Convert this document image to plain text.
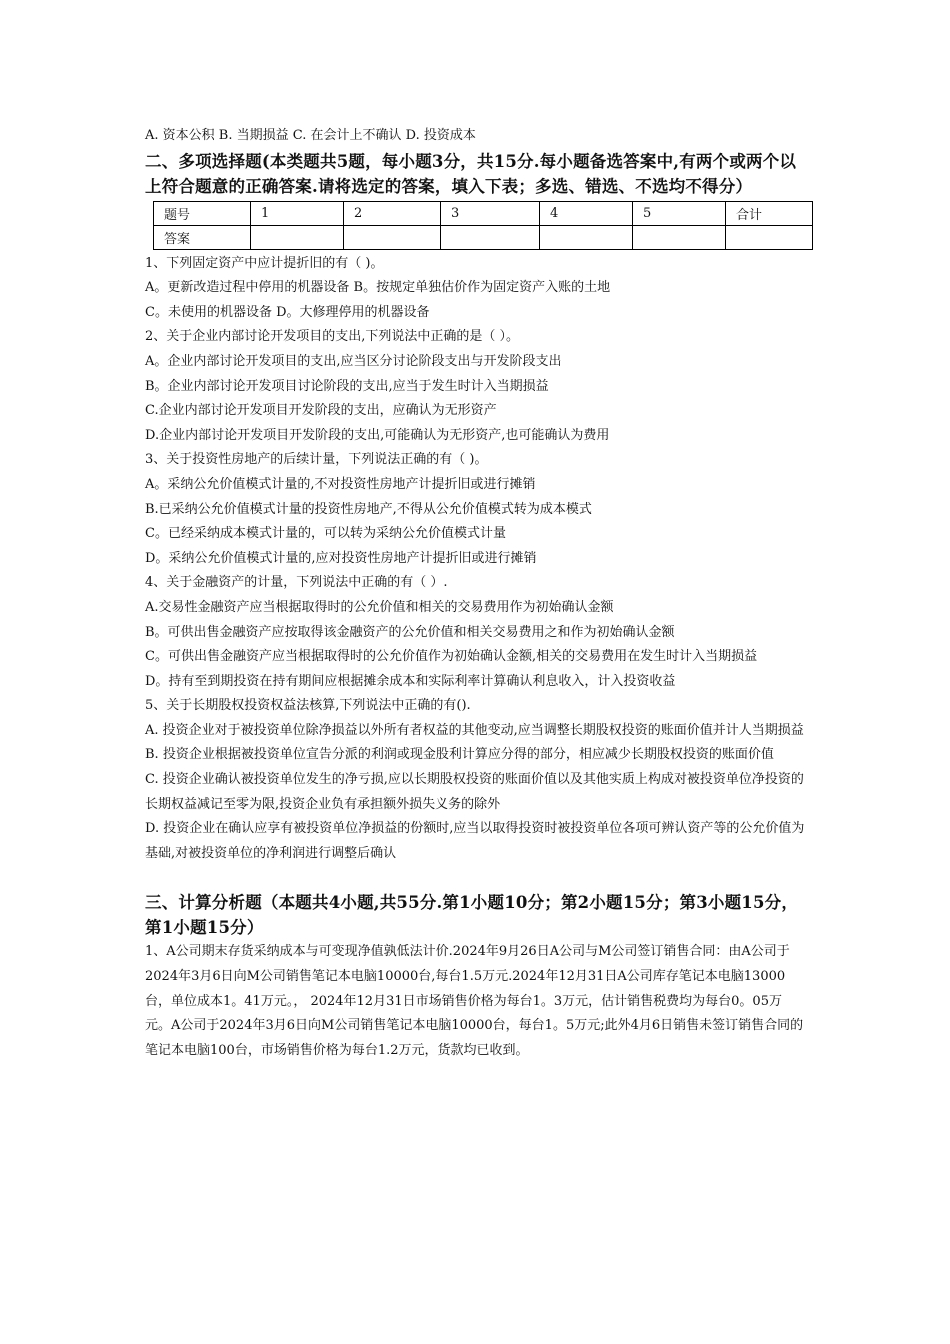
A. 资本公积 B. 当期损益 C. 在会计上不确认 D. 投资成本
二、多项选择题(本类题共5题，每小题3分，共15分.每小题备选答案中,有两个或两个以上符合题意的正确答案.请将选定的答案，填入下表；多选、错选、不选均不得分）
题号	1	2	3	4	5	合计
答案						
1、下列固定资产中应计提折旧的有（ )。
A。更新改造过程中停用的机器设备 B。按规定单独估价作为固定资产入账的土地
C。未使用的机器设备 D。大修理停用的机器设备
2、关于企业内部讨论开发项目的支出,下列说法中正确的是（ ）。
A。企业内部讨论开发项目的支出,应当区分讨论阶段支出与开发阶段支出
B。企业内部讨论开发项目讨论阶段的支出,应当于发生时计入当期损益
C.企业内部讨论开发项目开发阶段的支出，应确认为无形资产
D.企业内部讨论开发项目开发阶段的支出,可能确认为无形资产,也可能确认为费用
3、关于投资性房地产的后续计量，下列说法正确的有（ )。
A。采纳公允价值模式计量的,不对投资性房地产计提折旧或进行摊销
B.已采纳公允价值模式计量的投资性房地产,不得从公允价值模式转为成本模式
C。已经采纳成本模式计量的，可以转为采纳公允价值模式计量
D。采纳公允价值模式计量的,应对投资性房地产计提折旧或进行摊销
4、关于金融资产的计量，下列说法中正确的有（ ）.
A.交易性金融资产应当根据取得时的公允价值和相关的交易费用作为初始确认金额
B。可供出售金融资产应按取得该金融资产的公允价值和相关交易费用之和作为初始确认金额
C。可供出售金融资产应当根据取得时的公允价值作为初始确认金额,相关的交易费用在发生时计入当期损益
D。持有至到期投资在持有期间应根据摊余成本和实际利率计算确认利息收入，计入投资收益
5、关于长期股权投资权益法核算,下列说法中正确的有().
A. 投资企业对于被投资单位除净损益以外所有者权益的其他变动,应当调整长期股权投资的账面价值并计人当期损益
B. 投资企业根据被投资单位宣告分派的利润或现金股利计算应分得的部分，相应减少长期股权投资的账面价值
C. 投资企业确认被投资单位发生的净亏损,应以长期股权投资的账面价值以及其他实质上构成对被投资单位净投资的长期权益减记至零为限,投资企业负有承担额外损失义务的除外
D. 投资企业在确认应享有被投资单位净损益的份额时,应当以取得投资时被投资单位各项可辨认资产等的公允价值为基础,对被投资单位的净利润进行调整后确认
三、计算分析题（本题共4小题,共55分.第1小题10分；第2小题15分；第3小题15分，第1小题15分）
1、A公司期末存货采纳成本与可变现净值孰低法计价.2024年9月26日A公司与M公司签订销售合同：由A公司于2024年3月6日向M公司销售笔记本电脑10000台,每台1.5万元.2024年12月31日A公司库存笔记本电脑13000台，单位成本1。41万元。， 2024年12月31日市场销售价格为每台1。3万元，估计销售税费均为每台0。05万元。A公司于2024年3月6日向M公司销售笔记本电脑10000台，每台1。5万元;此外4月6日销售未签订销售合同的笔记本电脑100台，市场销售价格为每台1.2万元，货款均已收到。
